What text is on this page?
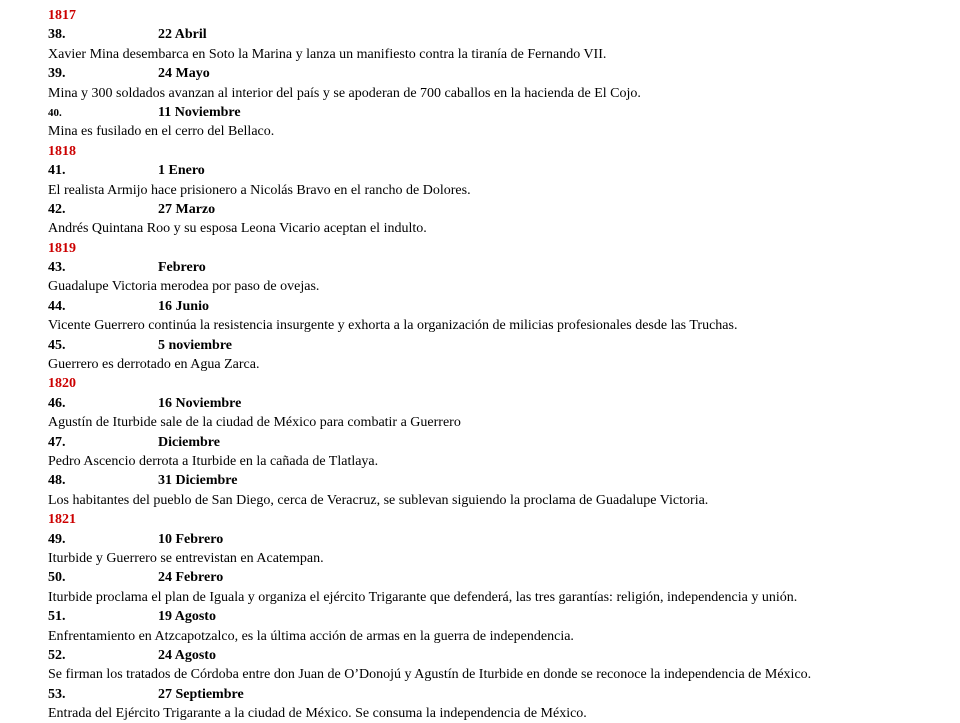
1817
38.	22 Abril
Xavier Mina desembarca en Soto la Marina y lanza un manifiesto contra la tiranía de Fernando VII.
39.	24 Mayo
Mina y 300 soldados avanzan al interior del país y se apoderan de 700 caballos en la hacienda de El Cojo.
40.	11 Noviembre
Mina es fusilado en el cerro del Bellaco.
1818
41.	1 Enero
El realista Armijo hace prisionero a Nicolás Bravo en el rancho de Dolores.
42.	27 Marzo
Andrés Quintana Roo y su esposa Leona Vicario aceptan el indulto.
1819
43.	Febrero
Guadalupe Victoria merodea por paso de ovejas.
44.	16 Junio
Vicente Guerrero continúa la resistencia insurgente y exhorta a la organización de milicias profesionales desde las Truchas.
45.	5 noviembre
Guerrero es derrotado en Agua Zarca.
1820
46.	16 Noviembre
Agustín de Iturbide sale de la ciudad de México para combatir a Guerrero
47.	Diciembre
Pedro Ascencio derrota a Iturbide en la cañada de Tlatlaya.
48.	31 Diciembre
Los habitantes del pueblo de San Diego, cerca de Veracruz, se sublevan siguiendo la proclama de Guadalupe Victoria.
1821
49.	10 Febrero
Iturbide y Guerrero se entrevistan en Acatempan.
50.	24 Febrero
Iturbide proclama el plan de Iguala y organiza el ejército Trigarante que defenderá, las tres garantías: religión, independencia y unión.
51.	19 Agosto
Enfrentamiento en Atzcapotzalco, es la última acción de armas en la guerra de independencia.
52.	24 Agosto
Se firman los tratados de Córdoba entre don Juan de O’Donojú y Agustín de Iturbide en donde se reconoce la independencia de México.
53.	27 Septiembre
Entrada del Ejército Trigarante a la ciudad de México. Se consuma la independencia de México.
